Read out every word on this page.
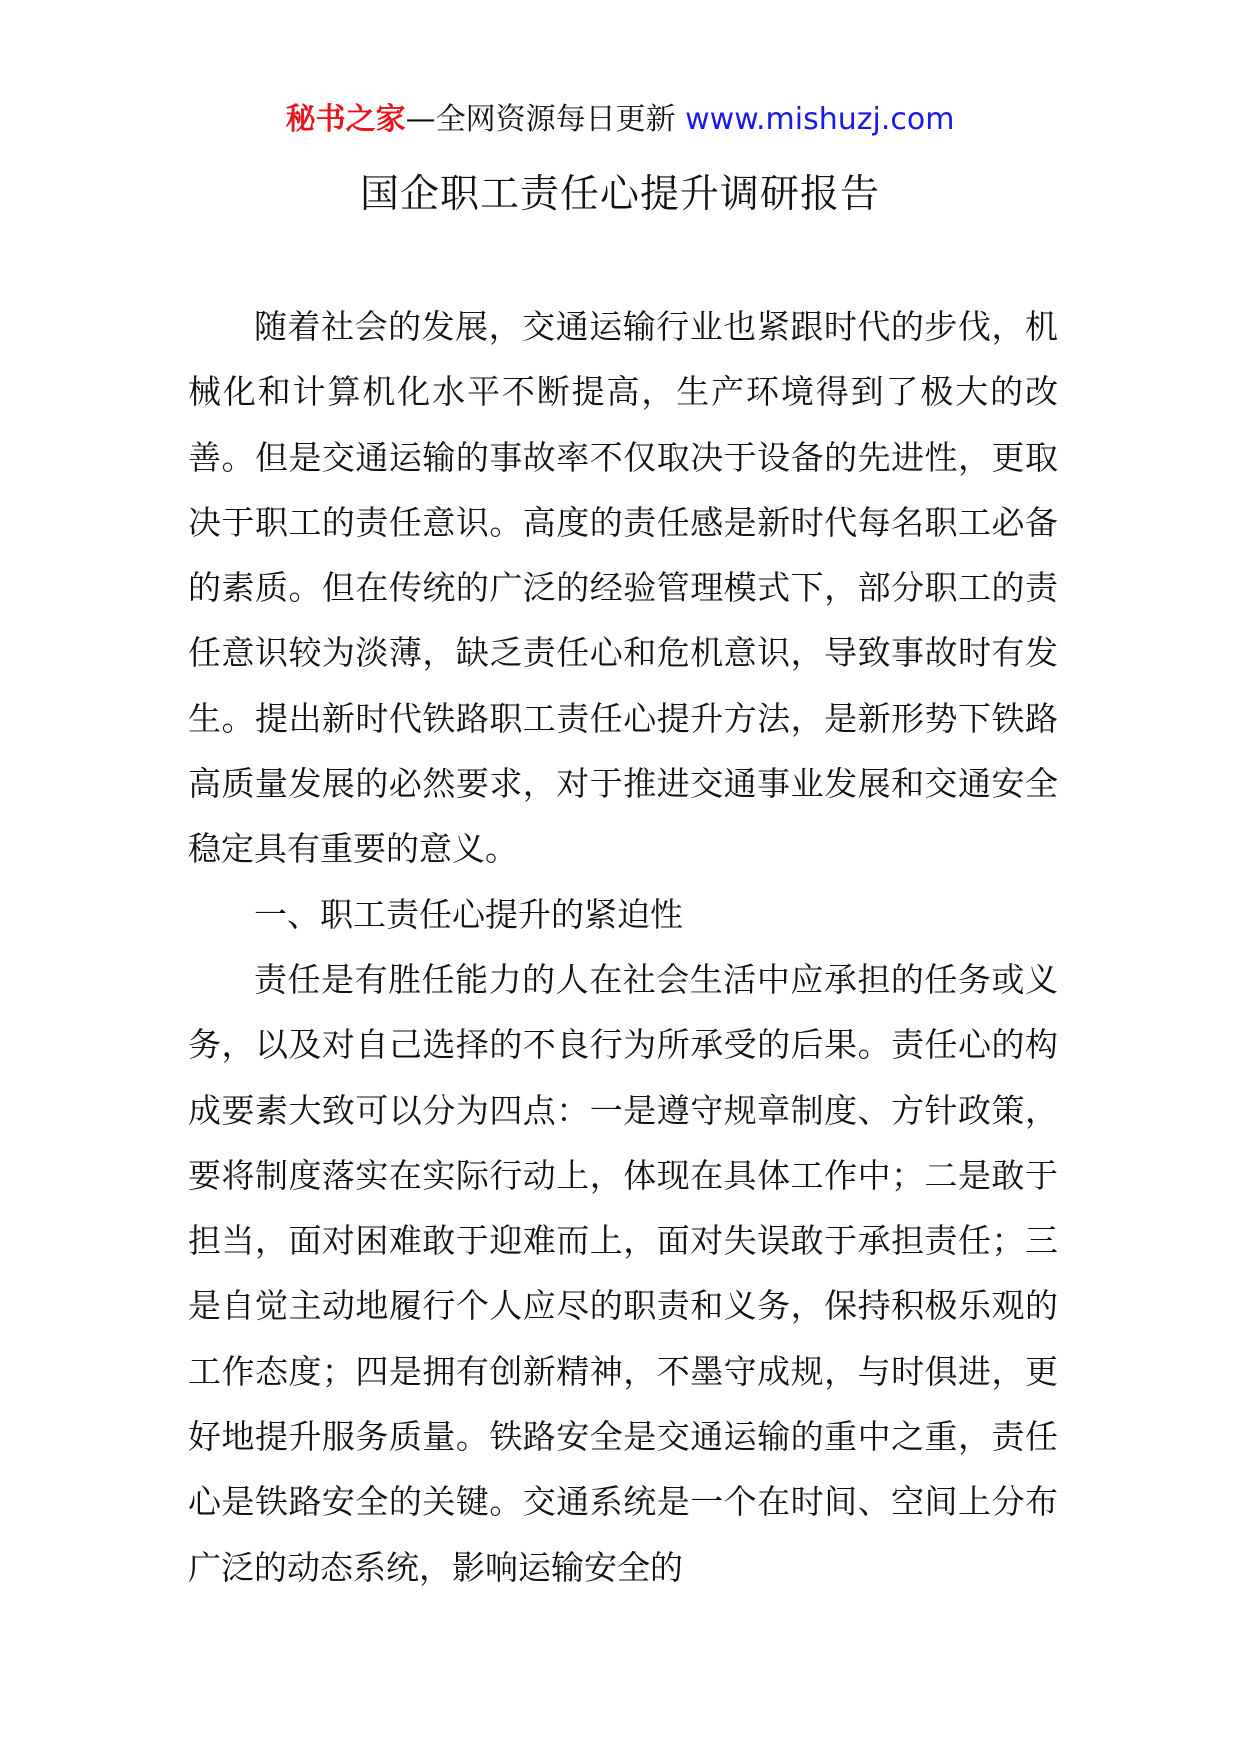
秘书之家—全网资源每日更新 www.mishuzj.com
国企职工责任心提升调研报告

随着社会的发展，交通运输行业也紧跟时代的步伐，机械化和计算机化水平不断提高，生产环境得到了极大的改善。但是交通运输的事故率不仅取决于设备的先进性，更取决于职工的责任意识。高度的责任感是新时代每名职工必备的素质。但在传统的广泛的经验管理模式下，部分职工的责任意识较为淡薄，缺乏责任心和危机意识，导致事故时有发生。提出新时代铁路职工责任心提升方法，是新形势下铁路高质量发展的必然要求，对于推进交通事业发展和交通安全稳定具有重要的意义。

一、职工责任心提升的紧迫性

责任是有胜任能力的人在社会生活中应承担的任务或义务，以及对自己选择的不良行为所承受的后果。责任心的构成要素大致可以分为四点：一是遵守规章制度、方针政策，要将制度落实在实际行动上，体现在具体工作中；二是敢于担当，面对困难敢于迎难而上，面对失误敢于承担责任；三是自觉主动地履行个人应尽的职责和义务，保持积极乐观的工作态度；四是拥有创新精神，不墨守成规，与时俱进，更好地提升服务质量。铁路安全是交通运输的重中之重，责任心是铁路安全的关键。交通系统是一个在时间、空间上分布广泛的动态系统，影响运输安全的
